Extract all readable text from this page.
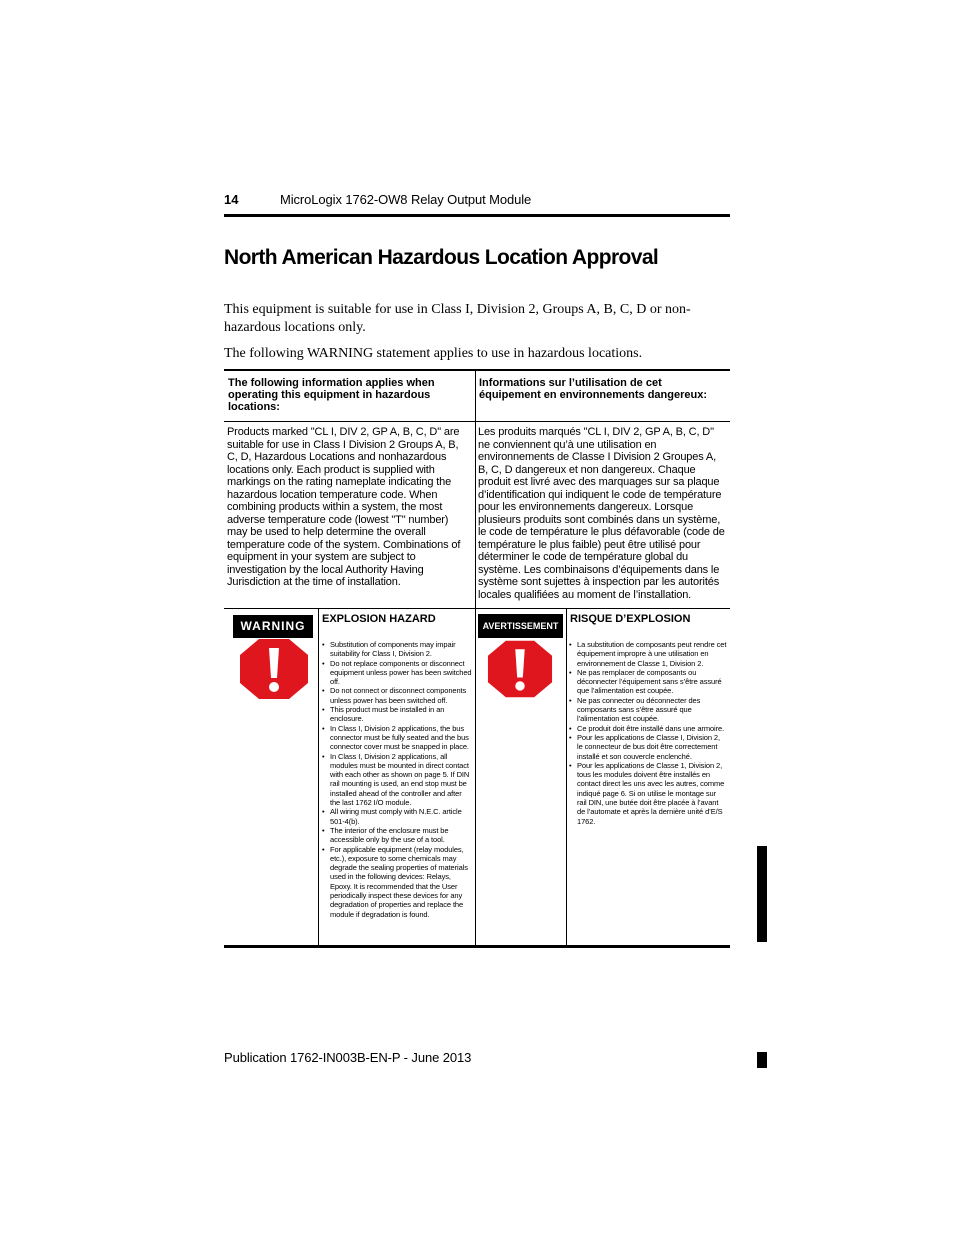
14	MicroLogix 1762-OW8 Relay Output Module
North American Hazardous Location Approval

This equipment is suitable for use in Class I, Division 2, Groups A, B, C, D or non-hazardous locations only.

The following WARNING statement applies to use in hazardous locations.

The following information applies when operating this equipment in hazardous locations:
Informations sur l’utilisation de cet équipement en environnements dangereux:
Products marked "CL I, DIV 2, GP A, B, C, D" are suitable for use in Class I Division 2 Groups A, B, C, D, Hazardous Locations and nonhazardous locations only. Each product is supplied with markings on the rating nameplate indicating the hazardous location temperature code. When combining products within a system, the most adverse temperature code (lowest "T" number) may be used to help determine the overall temperature code of the system. Combinations of equipment in your system are subject to investigation by the local Authority Having Jurisdiction at the time of installation.
Les produits marqués "CL I, DIV 2, GP A, B, C, D" ne conviennent qu’à une utilisation en environnements de Classe I Division 2 Groupes A, B, C, D dangereux et non dangereux. Chaque produit est livré avec des marquages sur sa plaque d’identification qui indiquent le code de température pour les environnements dangereux. Lorsque plusieurs produits sont combinés dans un système, le code de température le plus défavorable (code de température le plus faible) peut être utilisé pour déterminer le code de température global du système. Les combinaisons d’équipements dans le système sont sujettes à inspection par les autorités locales qualifiées au moment de l’installation.
WARNING	EXPLOSION HAZARD
• Substitution of components may impair suitability for Class I, Division 2.
• Do not replace components or disconnect equipment unless power has been switched off.
• Do not connect or disconnect components unless power has been switched off.
• This product must be installed in an enclosure.
• In Class I, Division 2 applications, the bus connector must be fully seated and the bus connector cover must be snapped in place.
• In Class I, Division 2 applications, all modules must be mounted in direct contact with each other as shown on page 5. If DIN rail mounting is used, an end stop must be installed ahead of the controller and after the last 1762 I/O module.
• All wiring must comply with N.E.C. article 501-4(b).
• The interior of the enclosure must be accessible only by the use of a tool.
• For applicable equipment (relay modules, etc.), exposure to some chemicals may degrade the sealing properties of materials used in the following devices: Relays, Epoxy. It is recommended that the User periodically inspect these devices for any degradation of properties and replace the module if degradation is found.
AVERTISSEMENT
RISQUE D’EXPLOSION
• La substitution de composants peut rendre cet équipement impropre à une utilisation en environnement de Classe 1, Division 2.
• Ne pas remplacer de composants ou déconnecter l’équipement sans s’être assuré que l’alimentation est coupée.
• Ne pas connecter ou déconnecter des composants sans s’être assuré que l’alimentation est coupée.
• Ce produit doit être installé dans une armoire.
• Pour les applications de Classe I, Division 2, le connecteur de bus doit être correctement installé et son couvercle enclenché.
• Pour les applications de Classe 1, Division 2, tous les modules doivent être installés en contact direct les uns avec les autres, comme indiqué page 6. Si on utilise le montage sur rail DIN, une butée doit être placée à l’avant de l’automate et après la dernière unité d’E/S 1762.
Publication 1762-IN003B-EN-P - June 2013
